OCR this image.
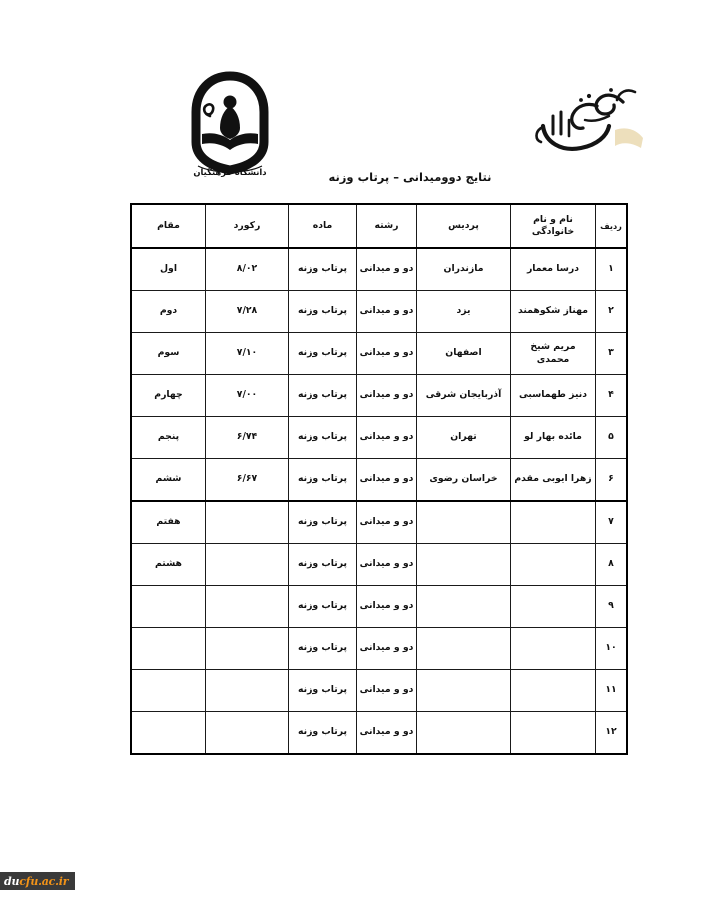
دانشگاه فرهنگیان	نتایج دوومیدانی – پرتاب وزنه
ردیف	نام و نام خانوادگی	پردیس	رشته	ماده	رکورد	مقام
۱	درسا معمار	مازندران	دو و میدانی	پرتاب وزنه	۸/۰۲	اول
۲	مهناز شکوهمند	یزد	دو و میدانی	پرتاب وزنه	۷/۲۸	دوم
۳	مریم شیخ محمدی	اصفهان	دو و میدانی	پرتاب وزنه	۷/۱۰	سوم
۴	دنیز طهماسبی	آذربایجان شرقی	دو و میدانی	پرتاب وزنه	۷/۰۰	چهارم
۵	مائده بهار لو	تهران	دو و میدانی	پرتاب وزنه	۶/۷۴	پنجم
۶	زهرا ایوبی مقدم	خراسان رضوی	دو و میدانی	پرتاب وزنه	۶/۶۷	ششم
۷			دو و میدانی	پرتاب وزنه		هفتم
۸			دو و میدانی	پرتاب وزنه		هشتم
۹			دو و میدانی	پرتاب وزنه		
۱۰			دو و میدانی	پرتاب وزنه		
۱۱			دو و میدانی	پرتاب وزنه		
۱۲			دو و میدانی	پرتاب وزنه		
du cfu.ac.ir
